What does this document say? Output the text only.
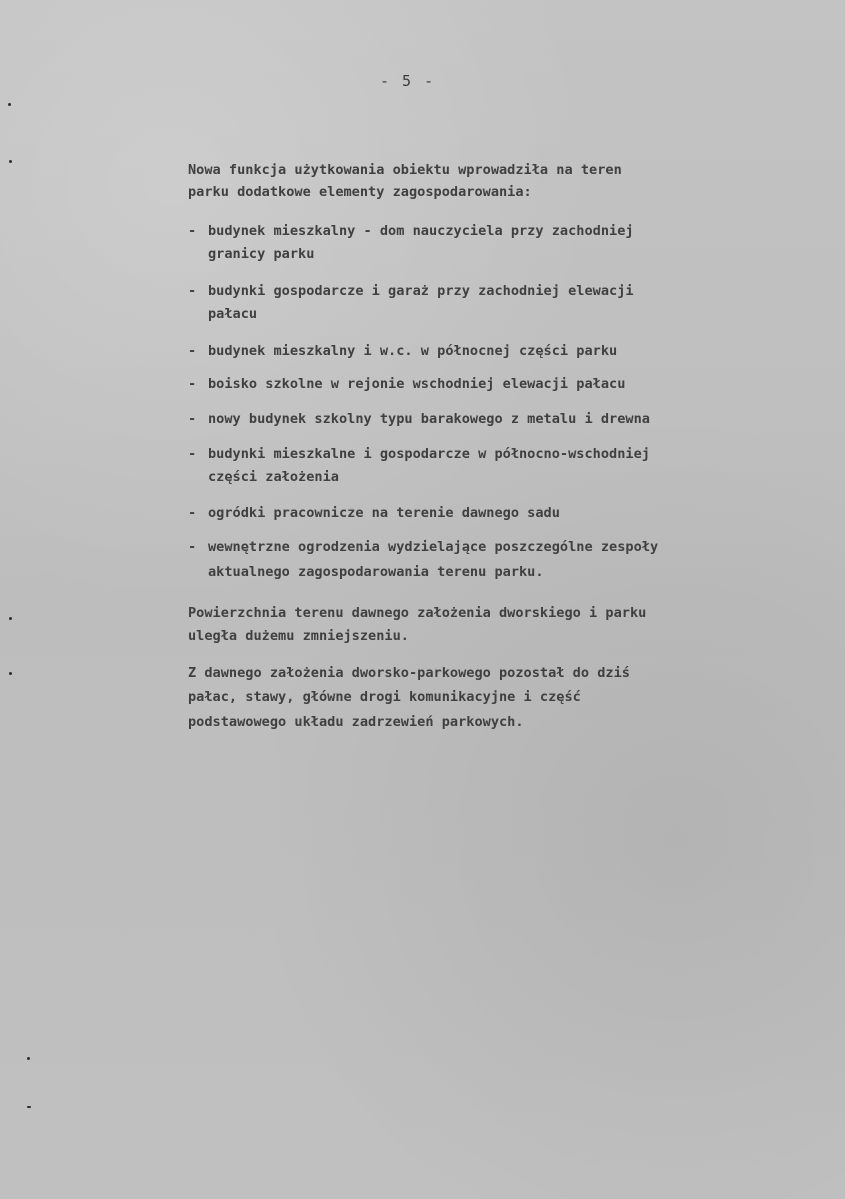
- 5 -
Nowa funkcja użytkowania obiektu wprowadziła na teren
parku dodatkowe elementy zagospodarowania:
- budynek mieszkalny - dom nauczyciela przy zachodniej
granicy parku
- budynki gospodarcze i garaż przy zachodniej elewacji
pałacu
- budynek mieszkalny i w.c. w północnej części parku
- boisko szkolne w rejonie wschodniej elewacji pałacu
- nowy budynek szkolny typu barakowego z metalu i drewna
- budynki mieszkalne i gospodarcze w północno-wschodniej
części założenia
- ogródki pracownicze na terenie dawnego sadu
- wewnętrzne ogrodzenia wydzielające poszczególne zespoły
aktualnego zagospodarowania terenu parku.
Powierzchnia terenu dawnego założenia dworskiego i parku
uległa dużemu zmniejszeniu.
Z dawnego założenia dworsko-parkowego pozostał do dziś
pałac, stawy, główne drogi komunikacyjne i część
podstawowego układu zadrzewień parkowych.
